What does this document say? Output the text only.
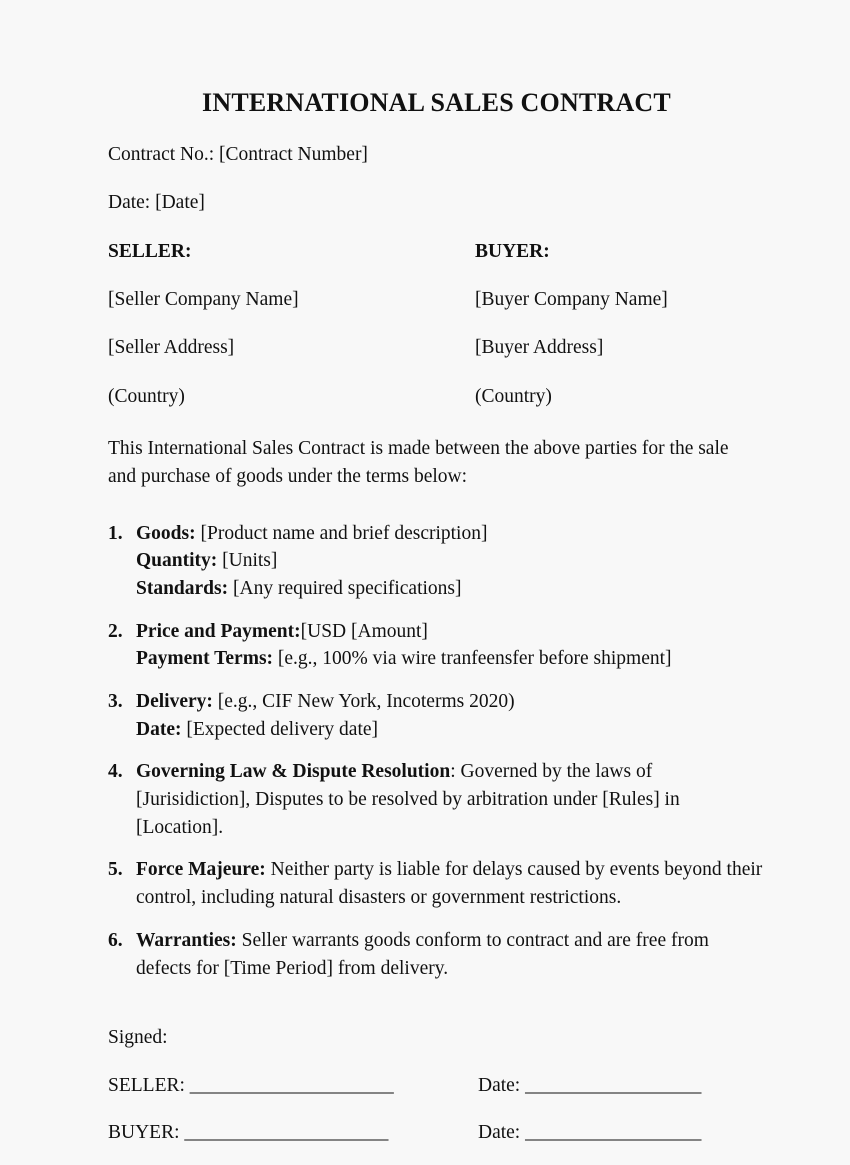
INTERNATIONAL SALES CONTRACT

Contract No.: [Contract Number]

Date: [Date]

SELLER:	BUYER:
[Seller Company Name]	[Buyer Company Name]
[Seller Address]	[Buyer Address]
(Country)	(Country)

This International Sales Contract is made between the above parties for the sale and purchase of goods under the terms below:

1. Goods: [Product name and brief description]
Quantity: [Units]
Standards: [Any required specifications]
2. Price and Payment:[USD [Amount]
Payment Terms: [e.g., 100% via wire tranfeensfer before shipment]
3. Delivery: [e.g., CIF New York, Incoterms 2020)
Date: [Expected delivery date]
4. Governing Law & Dispute Resolution: Governed by the laws of [Jurisidiction], Disputes to be resolved by arbitration under [Rules] in [Location].
5. Force Majeure: Neither party is liable for delays caused by events beyond their control, including natural disasters or government restrictions.
6. Warranties: Seller warrants goods conform to contract and are free from defects for [Time Period] from delivery.

Signed:

SELLER: ______________________	Date: ___________________
BUYER: ______________________	Date: ___________________
